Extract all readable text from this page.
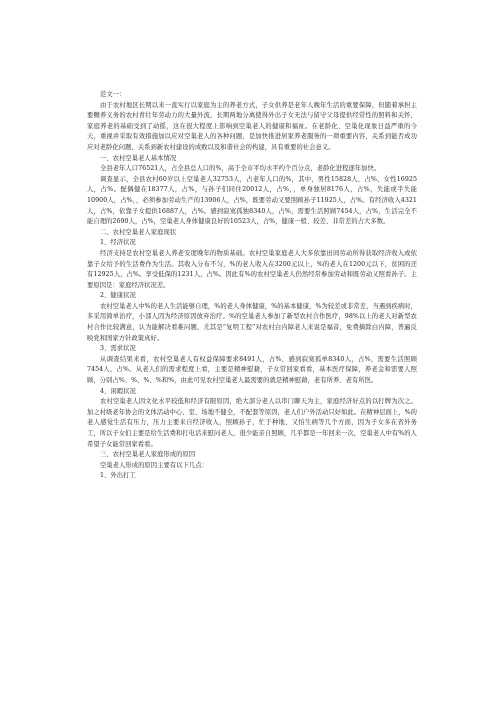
范文一：

由于农村地区长期以来一直实行以家庭为主的养老方式，子女供养是老年人晚年生活的重要保障，但随着承担主要赡养义务的农村青壮年劳动力的大量外流，长期两地分离使得外出子女无法与留守父母提供经常性的照料和关怀，家庭养老的基础受到了动摇，这在很大程度上影响到空巢老人的健康和福祉。在老龄化、空巢化现象日益严重的今天，重视并采取有效措施加以应对空巢老人的各种问题，是加快推进居家养老服务的一项重要内容，关系到能否成功应对老龄化问题，关系到新农村建设的成败以及和谐社会的构建，具有重要的社会意义。

一、农村空巢老人基本情况

全县老年人口76521人，占全县总人口的%，高于全市平均水平约个百分点，老龄化进程逐年加快。

调查显示，全县农村60岁以上空巢老人32753人，占老年人口的%，其中，男性15828人，占%，女性16925人，占%。配偶健在18377人，占%，与孙子们同住20012人，占%，，单身独居8176人，占%，失能或半失能10900人，占%，，必须参加劳动生产的13906人，占%，既要劳动又要照顾孙子11925人，占%。有经济收入4321人，占%，依靠子女提供16887人，占%。感到寂寞孤独8340人，占%，需要生活照顾7454人，占%，生活完全不能自理的2690人，占%，空巢老人身体健康良好的10523人，占%，健康一般、较差、非常差的占大多数。

二、农村空巢老人家庭现状

1、经济状况

经济支持是农村空巢老人养老安度晚年的物质基础。农村空巢家庭老人大多依靠田间劳动所得获取经济收入或依靠子女给予的生活费作为生活。其收入分布不匀，%的老人收入在3200元以上，%的老人在1200元以下，贫困的还有12925人，占%。享受低保的1231人，占%。因此有%的农村空巢老人仍然经常参加劳动和既劳动又照看孙子。主要原因是：家庭经济状况差。

2、健康状况

农村空巢老人中%的老人生活能够自理，%的老人身体健康，%的基本健康，%为较差或非常差，当遇到疾病时，多采用简单治疗，小部人因为经济原因放弃治疗。%的空巢老人参加了新型农村合作医疗，98%以上的老人对新型农村合作比较满意，认为能解决看难问题，尤其是“复明工程”对农村白内障老人来说是福音，免费摘除白内障，普遍反映党和国家方针政策真好。

3、需求状况

从调查结果来看，农村空巢老人有权益保障要求8491人，占%，感到寂寞孤单8340人，占%，需要生活照顾7454人，占%。从老人们的需求程度上看，主要是精神慰藉，子女常回家看看，基本医疗保障，养老金和需要人照顾，分别占%、%、%、%和%，由此可见农村空巢老人最需要的就是精神慰藉，老有所养、老有所医。

4、闲暇状况

农村空巢老人因文化水平较低和经济有限原因，绝大部分老人以串门聊天为主，家庭经济好点的以打牌为次之。加之村级老年协会的文体活动中心、室、场地不健全，不配套等原因，老人们户外活动只好如此。在精神层面上，%的老人感觉生活有压力，压力主要来自经济收入，照顾孙子，忙于种地、又怕生病等几个方面，因为子女多在省外务工，所以子女们主要是给生活费和打电话来慰问老人，很少能亲自照顾，几乎都是一年回来一次，空巢老人中有%的人希望子女能常回家看看。

三、农村空巢老人家庭形成的原因

空巢老人形成的原因主要有以下几点：

1、外出打工
